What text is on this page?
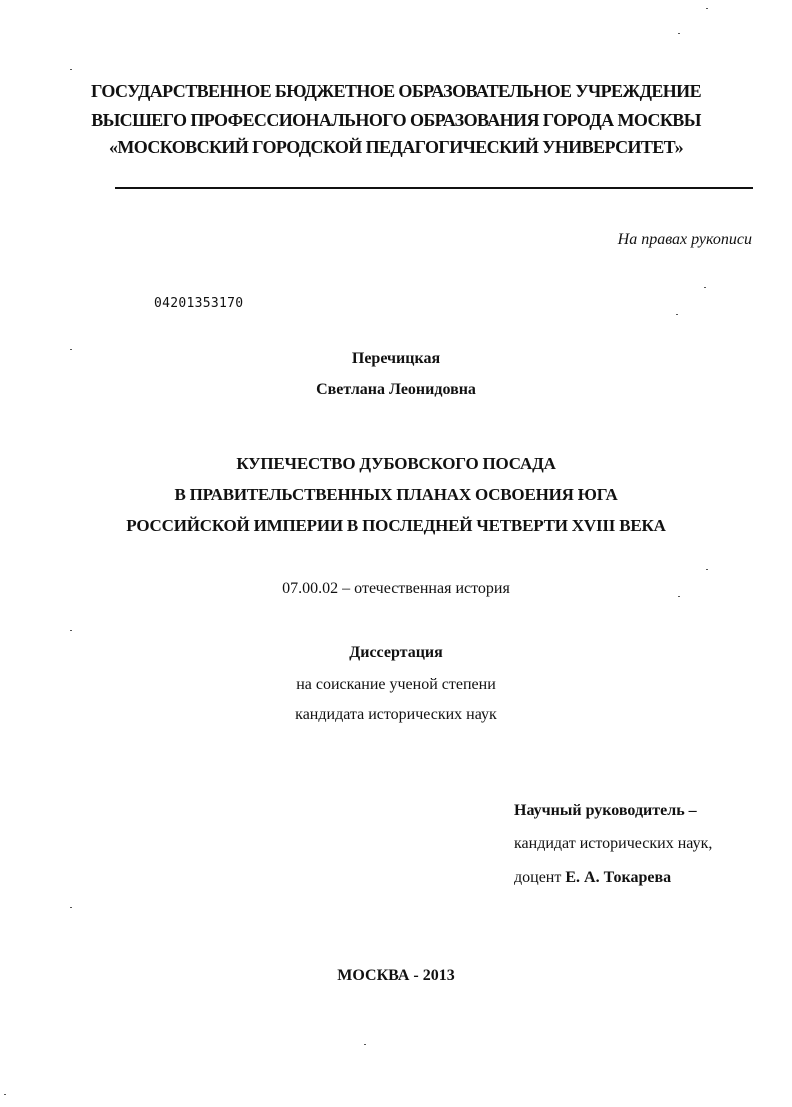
ГОСУДАРСТВЕННОЕ БЮДЖЕТНОЕ ОБРАЗОВАТЕЛЬНОЕ УЧРЕЖДЕНИЕ
ВЫСШЕГО ПРОФЕССИОНАЛЬНОГО ОБРАЗОВАНИЯ ГОРОДА МОСКВЫ
«МОСКОВСКИЙ ГОРОДСКОЙ ПЕДАГОГИЧЕСКИЙ УНИВЕРСИТЕТ»
На правах рукописи
04201353170
Перечицкая
Светлана Леонидовна
КУПЕЧЕСТВО ДУБОВСКОГО ПОСАДА
В ПРАВИТЕЛЬСТВЕННЫХ ПЛАНАХ ОСВОЕНИЯ ЮГА
РОССИЙСКОЙ ИМПЕРИИ В ПОСЛЕДНЕЙ ЧЕТВЕРТИ XVIII ВЕКА
07.00.02 – отечественная история
Диссертация
на соискание ученой степени
кандидата исторических наук
Научный руководитель –
кандидат исторических наук,
доцент Е. А. Токарева
МОСКВА - 2013
